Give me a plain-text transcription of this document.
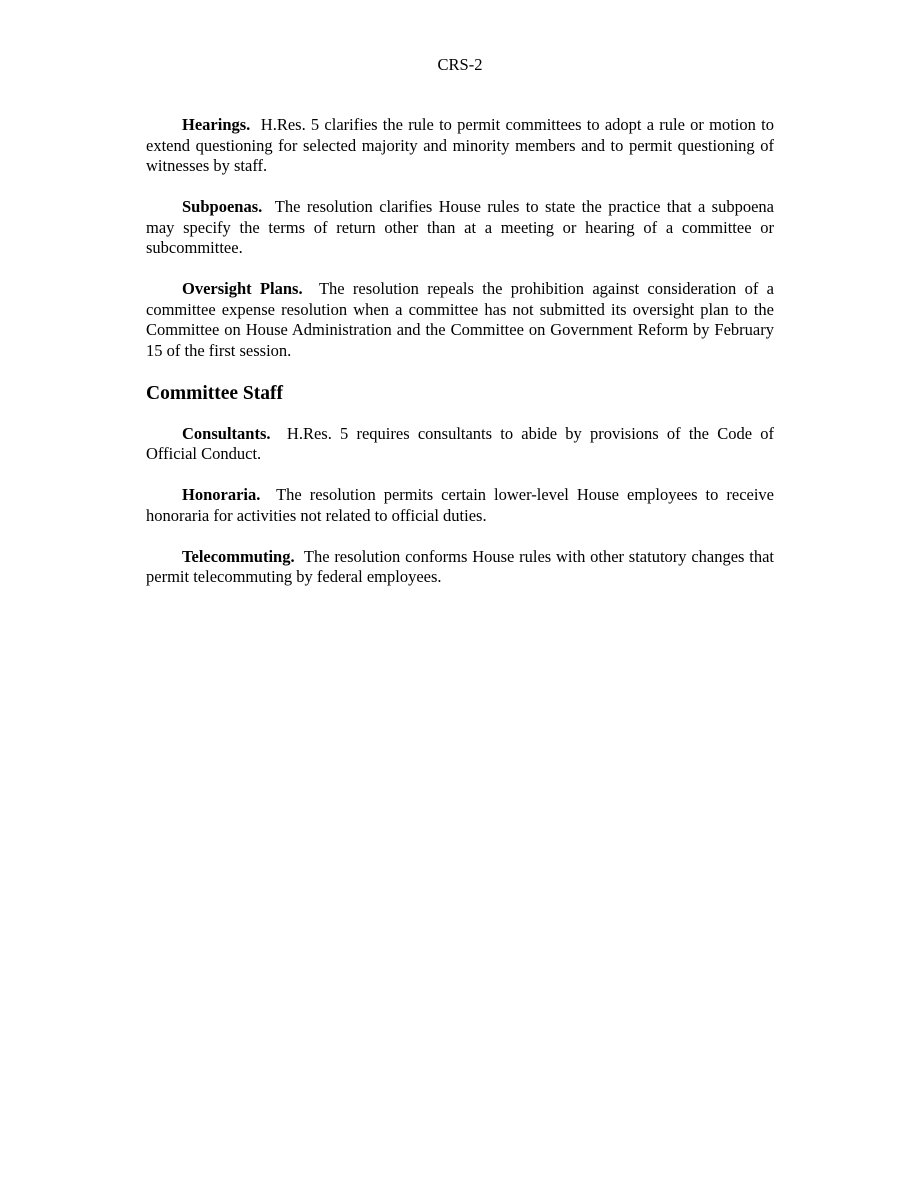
CRS-2

Hearings. H.Res. 5 clarifies the rule to permit committees to adopt a rule or motion to extend questioning for selected majority and minority members and to permit questioning of witnesses by staff.

Subpoenas. The resolution clarifies House rules to state the practice that a subpoena may specify the terms of return other than at a meeting or hearing of a committee or subcommittee.

Oversight Plans. The resolution repeals the prohibition against consideration of a committee expense resolution when a committee has not submitted its oversight plan to the Committee on House Administration and the Committee on Government Reform by February 15 of the first session.

Committee Staff

Consultants. H.Res. 5 requires consultants to abide by provisions of the Code of Official Conduct.

Honoraria. The resolution permits certain lower-level House employees to receive honoraria for activities not related to official duties.

Telecommuting. The resolution conforms House rules with other statutory changes that permit telecommuting by federal employees.
